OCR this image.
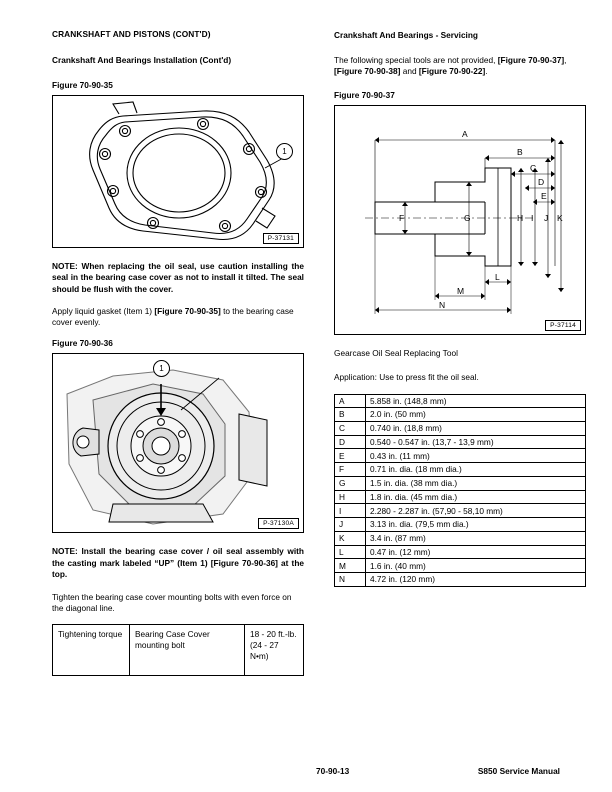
CRANKSHAFT AND PISTONS (CONT'D)
Crankshaft And Bearings Installation (Cont'd)
Figure 70-90-35
1
P-37131
NOTE: When replacing the oil seal, use caution installing the seal in the bearing case cover as not to install it tilted. The seal should be flush with the cover.

Apply liquid gasket (Item 1) [Figure 70-90-35] to the bearing case cover evenly.

Figure 70-90-36
1
P-37130A
NOTE: Install the bearing case cover / oil seal assembly with the casting mark labeled “UP” (Item 1) [Figure 70-90-36] at the top.

Tighten the bearing case cover mounting bolts with even force on the diagonal line.

Tightening torque	Bearing Case Cover mounting bolt	18 - 20 ft.-lb. (24 - 27 N•m)
Crankshaft And Bearings - Servicing

The following special tools are not provided, [Figure 70-90-37], [Figure 70-90-38] and [Figure 70-90-22].

Figure 70-90-37
A
B
C
D
E
F	G	H I J K
L
M
N
P-37114

Gearcase Oil Seal Replacing Tool

Application: Use to press fit the oil seal.

A	5.858 in. (148,8 mm)
B	2.0 in. (50 mm)
C	0.740 in. (18,8 mm)
D	0.540 - 0.547 in. (13,7 - 13,9 mm)
E	0.43 in. (11 mm)
F	0.71 in. dia. (18 mm dia.)
G	1.5 in. dia. (38 mm dia.)
H	1.8 in. dia. (45 mm dia.)
I	2.280 - 2.287 in. (57,90 - 58,10 mm)
J	3.13 in. dia. (79,5 mm dia.)
K	3.4 in. (87 mm)
L	0.47 in. (12 mm)
M	1.6 in. (40 mm)
N	4.72 in. (120 mm)
70-90-13	S850 Service Manual
